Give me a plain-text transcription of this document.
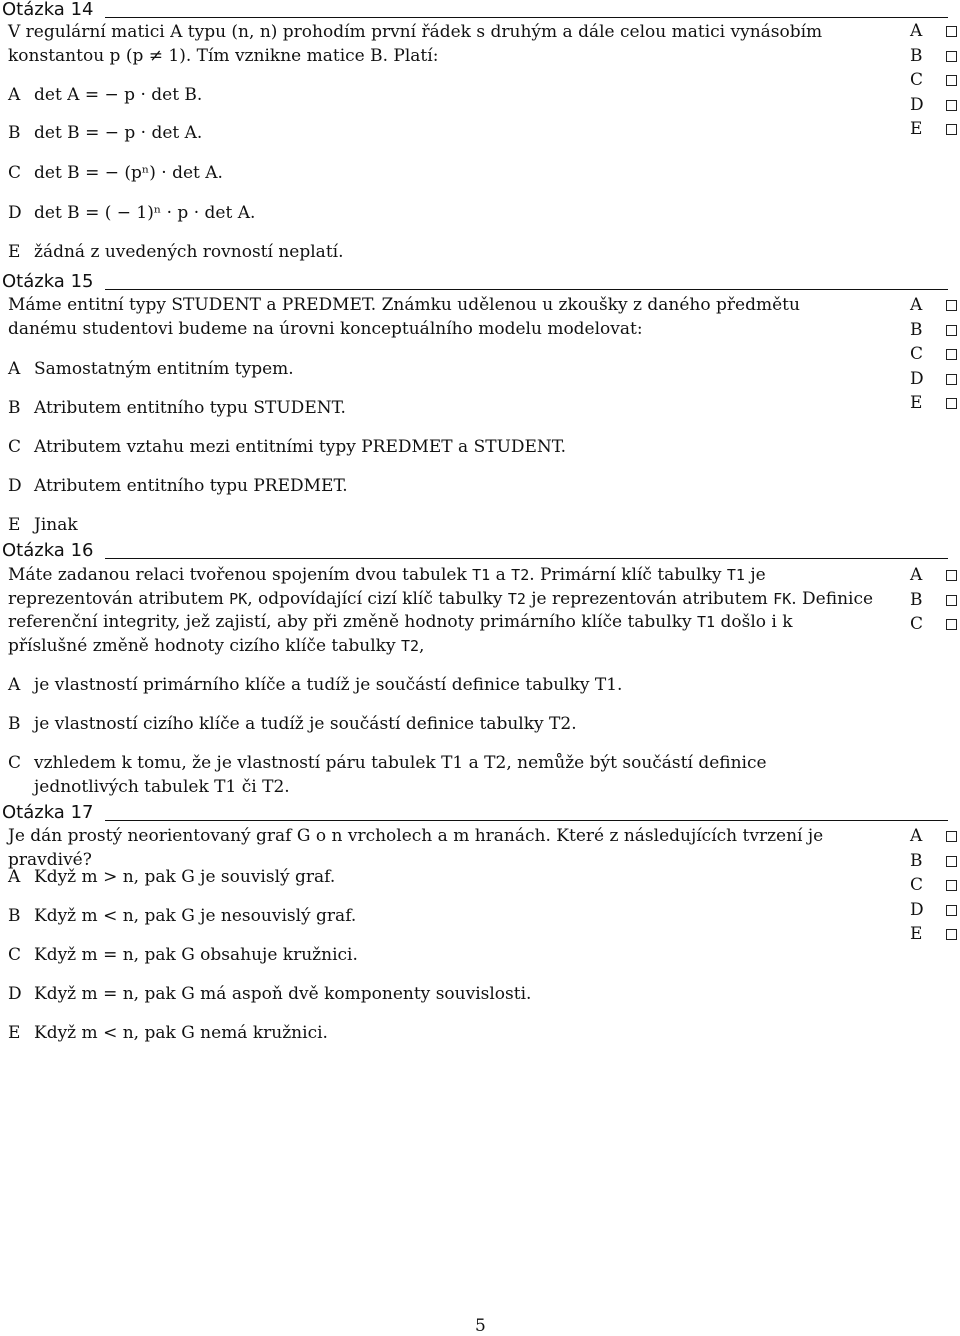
Otázka 14

V regulární matici A typu (n, n) prohodím první řádek s druhým a dále celou matici vynásobím konstantou p (p ≠ 1). Tím vznikne matice B. Platí:

A det A = − p · det B.

B det B = − p · det A.

C det B = − (pⁿ) · det A.

D det B = ( − 1)ⁿ · p · det A.

E žádná z uvedených rovností neplatí.

A
B
C
D
E
Otázka 15

Máme entitní typy STUDENT a PREDMET. Známku udělenou u zkoušky z daného předmětu danému studentovi budeme na úrovni konceptuálního modelu modelovat:

A Samostatným entitním typem.

B Atributem entitního typu STUDENT.

C Atributem vztahu mezi entitními typy PREDMET a STUDENT.

D Atributem entitního typu PREDMET.

E Jinak

A
B
C
D
E
Otázka 16

Máte zadanou relaci tvořenou spojením dvou tabulek T1 a T2. Primární klíč tabulky T1 je reprezentován atributem PK, odpovídající cizí klíč tabulky T2 je reprezentován atributem FK. Definice referenční integrity, jež zajistí, aby při změně hodnoty primárního klíče tabulky T1 došlo i k příslušné změně hodnoty cizího klíče tabulky T2,

A je vlastností primárního klíče a tudíž je součástí definice tabulky T1.

B je vlastností cizího klíče a tudíž je součástí definice tabulky T2.

C vzhledem k tomu, že je vlastností páru tabulek T1 a T2, nemůže být součástí definice jednotlivých tabulek T1 či T2.

A
B
C
Otázka 17

Je dán prostý neorientovaný graf G o n vrcholech a m hranách. Které z následujících tvrzení je pravdivé?

A Když m > n, pak G je souvislý graf.

B Když m < n, pak G je nesouvislý graf.

C Když m = n, pak G obsahuje kružnici.

D Když m = n, pak G má aspoň dvě komponenty souvislosti.

E Když m < n, pak G nemá kružnici.

A
B
C
D
E
5
